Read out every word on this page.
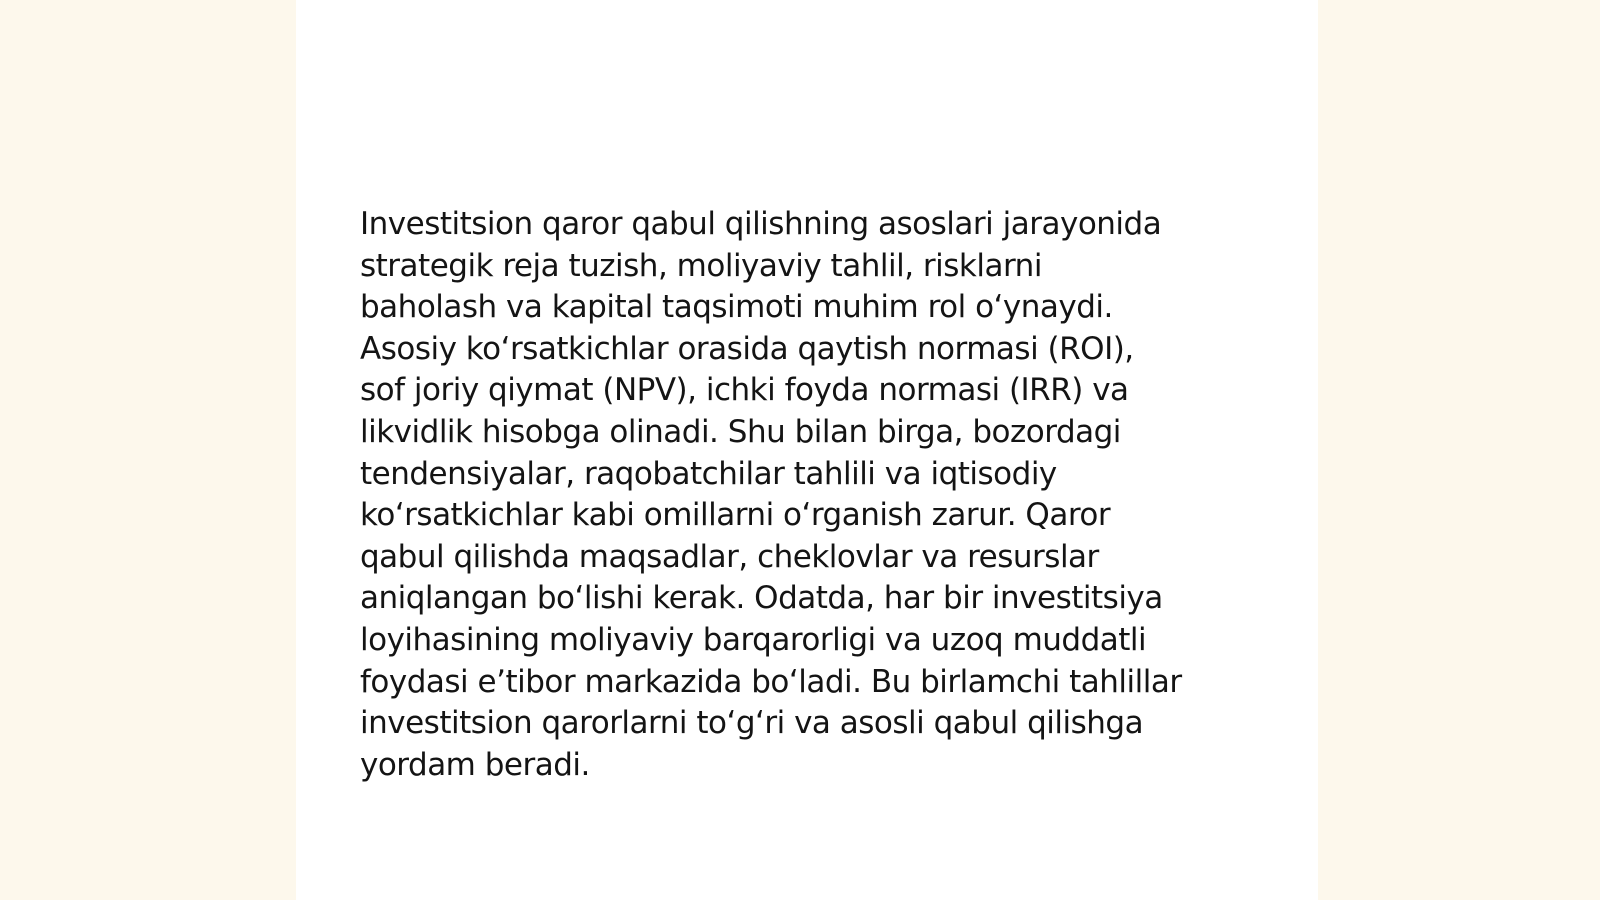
Investitsion qaror qabul qilishning asoslari jarayonida
strategik reja tuzish, moliyaviy tahlil, risklarni
baholash va kapital taqsimoti muhim rol o‘ynaydi.
Asosiy ko‘rsatkichlar orasida qaytish normasi (ROI),
sof joriy qiymat (NPV), ichki foyda normasi (IRR) va
likvidlik hisobga olinadi. Shu bilan birga, bozordagi
tendensiyalar, raqobatchilar tahlili va iqtisodiy
ko‘rsatkichlar kabi omillarni o‘rganish zarur. Qaror
qabul qilishda maqsadlar, cheklovlar va resurslar
aniqlangan bo‘lishi kerak. Odatda, har bir investitsiya
loyihasining moliyaviy barqarorligi va uzoq muddatli
foydasi e’tibor markazida bo‘ladi. Bu birlamchi tahlillar
investitsion qarorlarni to‘g‘ri va asosli qabul qilishga
yordam beradi.
